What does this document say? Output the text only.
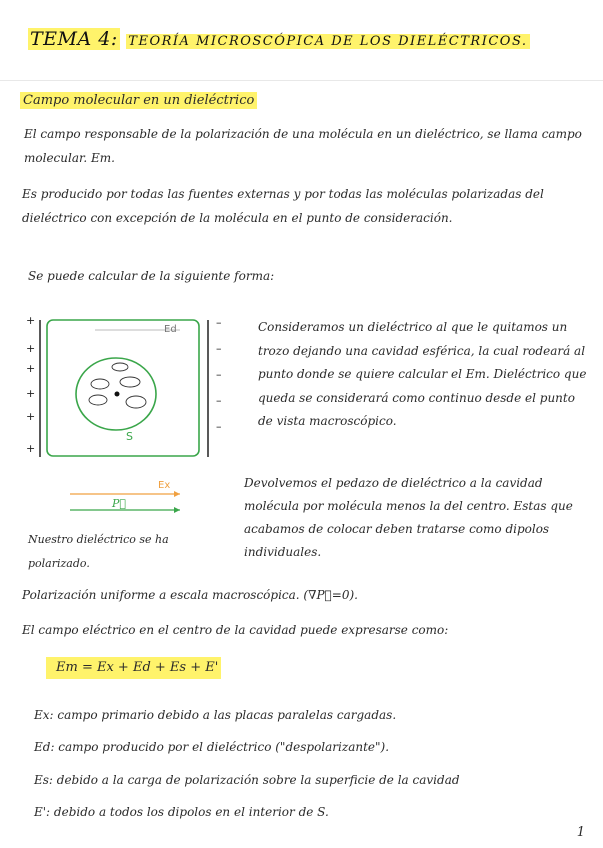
TEMA 4: TEORÍA MICROSCÓPICA DE LOS DIELÉCTRICOS.
Campo molecular en un dieléctrico
El campo responsable de la polarización de una molécula en un dieléctrico, se llama campo molecular. Em.
Es producido por todas las fuentes externas y por todas las moléculas polarizadas del dieléctrico con excepción de la molécula en el punto de consideración.
Se puede calcular de la siguiente forma:
+
+
+
+
+
+
–
–
–
–
–
Ed
S
Ex
P⃗
Consideramos un dieléctrico al que le quitamos un trozo dejando una cavidad esférica, la cual rodeará al punto donde se quiere calcular el Em. Dieléctrico que queda se considerará como continuo desde el punto de vista macroscópico.
Devolvemos el pedazo de dieléctrico a la cavidad molécula por molécula menos la del centro. Estas que acabamos de colocar deben tratarse como dipolos individuales.
Nuestro dieléctrico se ha polarizado.
Polarización uniforme a escala macroscópica. (∇P⃗=0).
El campo eléctrico en el centro de la cavidad puede expresarse como:
Em = Ex + Ed + Es + E'
Ex: campo primario debido a las placas paralelas cargadas.
Ed: campo producido por el dieléctrico ("despolarizante").
Es: debido a la carga de polarización sobre la superficie de la cavidad
E': debido a todos los dipolos en el interior de S.
1
